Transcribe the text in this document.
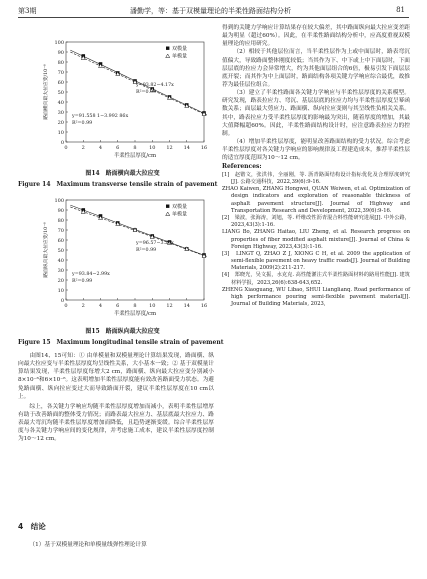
第3期	潘勤学，等：基于双模量理论的半柔性路面结构分析	81
0
10
20
30
40
50
60
70
80
90
100
0	2	4	6	8 10 12 14 16
半柔性层厚度/cm
路面横向最大拉应变/10⁻⁶
双模量
单模量
y=93.82−4.17x
R²=0.99
y=91.558 1−3.992 86x
R²=0.99
图14　路面横向最大拉应变
Figure 14　Maximum transverse tensile strain of pavement
0
10
20
30
40
50
60
70
80
90
100
0	2	4	6	8 10 12 14 16
半柔性层厚度/cm
路面纵向最大拉应变/10⁻⁶
双模量
单模量
y=96.57−3.24x
R²=0.99
y=93.84−2.99x
R²=0.99
图15　路面纵向最大拉应变
Figure 15　Maximum longitudinal tensile strain of pavement

由图14、15可知：① 由单模量和双模量理论计算结果发现，路面横、纵向最大拉应变与半柔性层厚度均呈线性关系，大小基本一致；② 基于双模量计算结果发现，半柔性层厚度每增大2 cm，路面横、纵向最大拉应变分别减小8×10⁻⁶和6×10⁻⁶。这表明增加半柔性层厚度能有效改善路面受力状态。为避免路面横、纵向拉应变过大而导致路面开裂，建议半柔性层厚度在10 cm以上。

综上，各关键力学响应均随半柔性层厚度增加而减小，表明半柔性层增厚有助于改善路面的整体受力情况；而路表最大拉应力、基层底最大拉应力、路表最大弯沉均随半柔性层厚度增加而降低，且趋势逐渐变缓。综合半柔性层厚度与各关键力学响应间的变化规律，并考虑施工成本，建议半柔性层厚度控制为10～12 cm。

4　结论

（1）基于双模量理论和单模量线弹性理论计算

得到的关键力学响应计算结果存在较大偏差，其中路面纵向最大拉应变差距最为明显（超过60%）。因此，在半柔性路面结构分析中，应高度重视双模量理论的应用研究。

（2）相较于其他层位而言，当半柔性层作为上或中面层时，路表弯沉值偏大，导致路面整体刚度较低；当其作为下、中下或上中下面层时，下面层层底的拉应力会异常增大，约为其他面层组合的6倍，极易引发下面层层底开裂；而其作为中上面层时，路面结构各项关键力学响应综合最优，故推荐为最佳层位组合。

（3）建立了半柔性路面各关键力学响应与半柔性层厚度的关系模型。研究发现，路表拉应力、弯沉、基层层底的拉应力均与半柔性层厚度呈幂函数关系；面层最大剪应力、路面横、纵向拉应变则与其呈线性负相关关系。其中，路表拉应力受半柔性层厚度的影响最为突出，随着厚度的增加，其最大值降幅超60%。因此，半柔性路面结构设计时，应注意路表拉应力的控制。

（4）增加半柔性层厚度，能明显改善路面结构的受力状况。综合考虑半柔性层厚度对各关键力学响应的影响规律及工程建造成本，推荐半柔性层的适宜厚度范围为10～12 cm。

References:

[1]　赵锴文，张洪伟，全丽刚，等. 沥青路面结构设计指标优化及合理厚度研究[J]. 公路交通科技，2022,39(6):9-16.

ZHAO Kaiwen, ZHANG Hongwei, QUAN Weiwen, et al. Optimization of design indicators and exploration of reasonable thickness of asphalt pavement structure[J]. Journal of Highway and Transportation Research and Development, 2022,39(6):9-16.

[2]　梁波，张海涛，刘旭，等. 纤维改性沥青混合料性能研究进展[J]. 中外公路，2023,43(3):1-16.

LIANG Bo, ZHANG Haitao, LIU Zheng, et al. Research progress on properties of fiber modified asphalt mixture[J]. Journal of China & Foreign Highway, 2023,43(3):1-16.

[3]　LINGT Q, ZHAO Z J, XIONG C H, et al. 2009 the application of semi-flexible pavement on heavy traffic roads[J]. Journal of Building Materials, 2009(2):211-217.

[4]　郑晓光，吴文振，水克克. 高性能灌注式半柔性路面材料的路用性能[J]. 建筑材料学报，2023,26(6):638-643,652.

ZHENG Xiaoguang, WU Libao, SHUI Lianglianq. Road performance of high performance pouring semi-flexible pavement material[J]. Journal of Building Materials, 2023,
